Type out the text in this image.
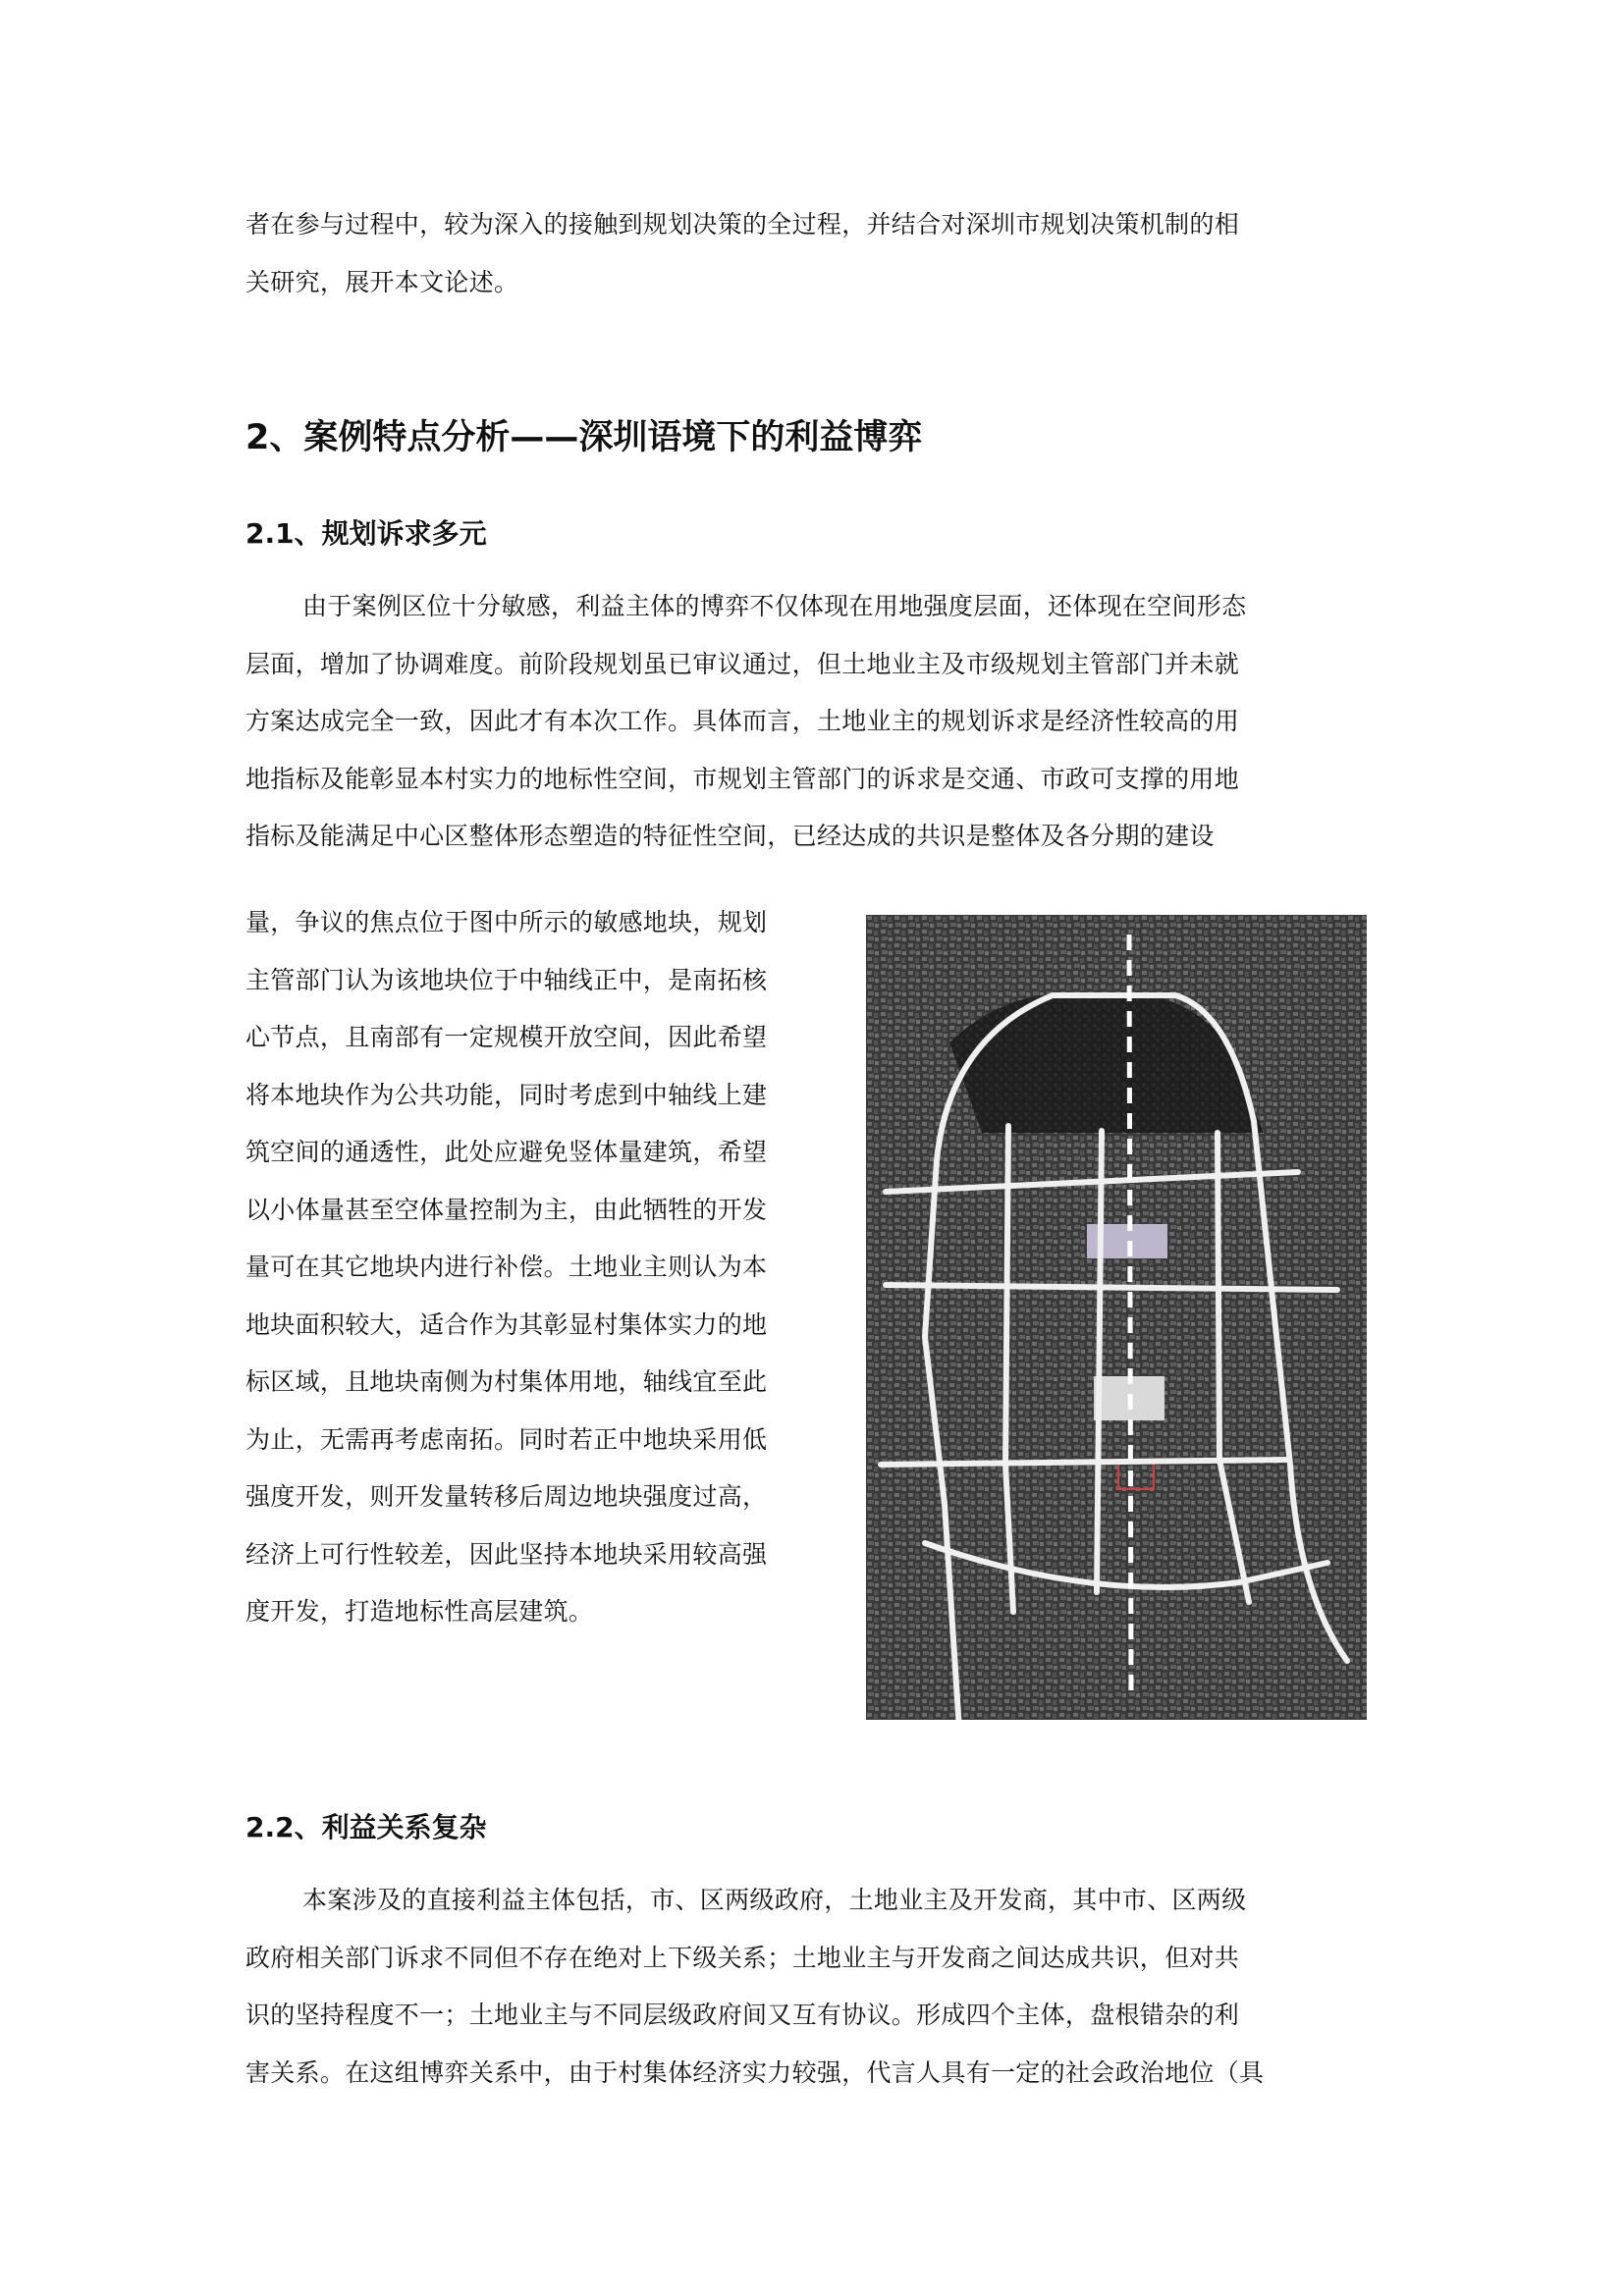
者在参与过程中，较为深入的接触到规划决策的全过程，并结合对深圳市规划决策机制的相
关研究，展开本文论述。
2、案例特点分析——深圳语境下的利益博弈
2.1、规划诉求多元
由于案例区位十分敏感，利益主体的博弈不仅体现在用地强度层面，还体现在空间形态
层面，增加了协调难度。前阶段规划虽已审议通过，但土地业主及市级规划主管部门并未就
方案达成完全一致，因此才有本次工作。具体而言，土地业主的规划诉求是经济性较高的用
地指标及能彰显本村实力的地标性空间，市规划主管部门的诉求是交通、市政可支撑的用地
指标及能满足中心区整体形态塑造的特征性空间，已经达成的共识是整体及各分期的建设
量，争议的焦点位于图中所示的敏感地块，规划
主管部门认为该地块位于中轴线正中，是南拓核
心节点，且南部有一定规模开放空间，因此希望
将本地块作为公共功能，同时考虑到中轴线上建
筑空间的通透性，此处应避免竖体量建筑，希望
以小体量甚至空体量控制为主，由此牺牲的开发
量可在其它地块内进行补偿。土地业主则认为本
地块面积较大，适合作为其彰显村集体实力的地
标区域，且地块南侧为村集体用地，轴线宜至此
为止，无需再考虑南拓。同时若正中地块采用低
强度开发，则开发量转移后周边地块强度过高，
经济上可行性较差，因此坚持本地块采用较高强
度开发，打造地标性高层建筑。
2.2、利益关系复杂
本案涉及的直接利益主体包括，市、区两级政府，土地业主及开发商，其中市、区两级
政府相关部门诉求不同但不存在绝对上下级关系；土地业主与开发商之间达成共识，但对共
识的坚持程度不一；土地业主与不同层级政府间又互有协议。形成四个主体，盘根错杂的利
害关系。在这组博弈关系中，由于村集体经济实力较强，代言人具有一定的社会政治地位（具
